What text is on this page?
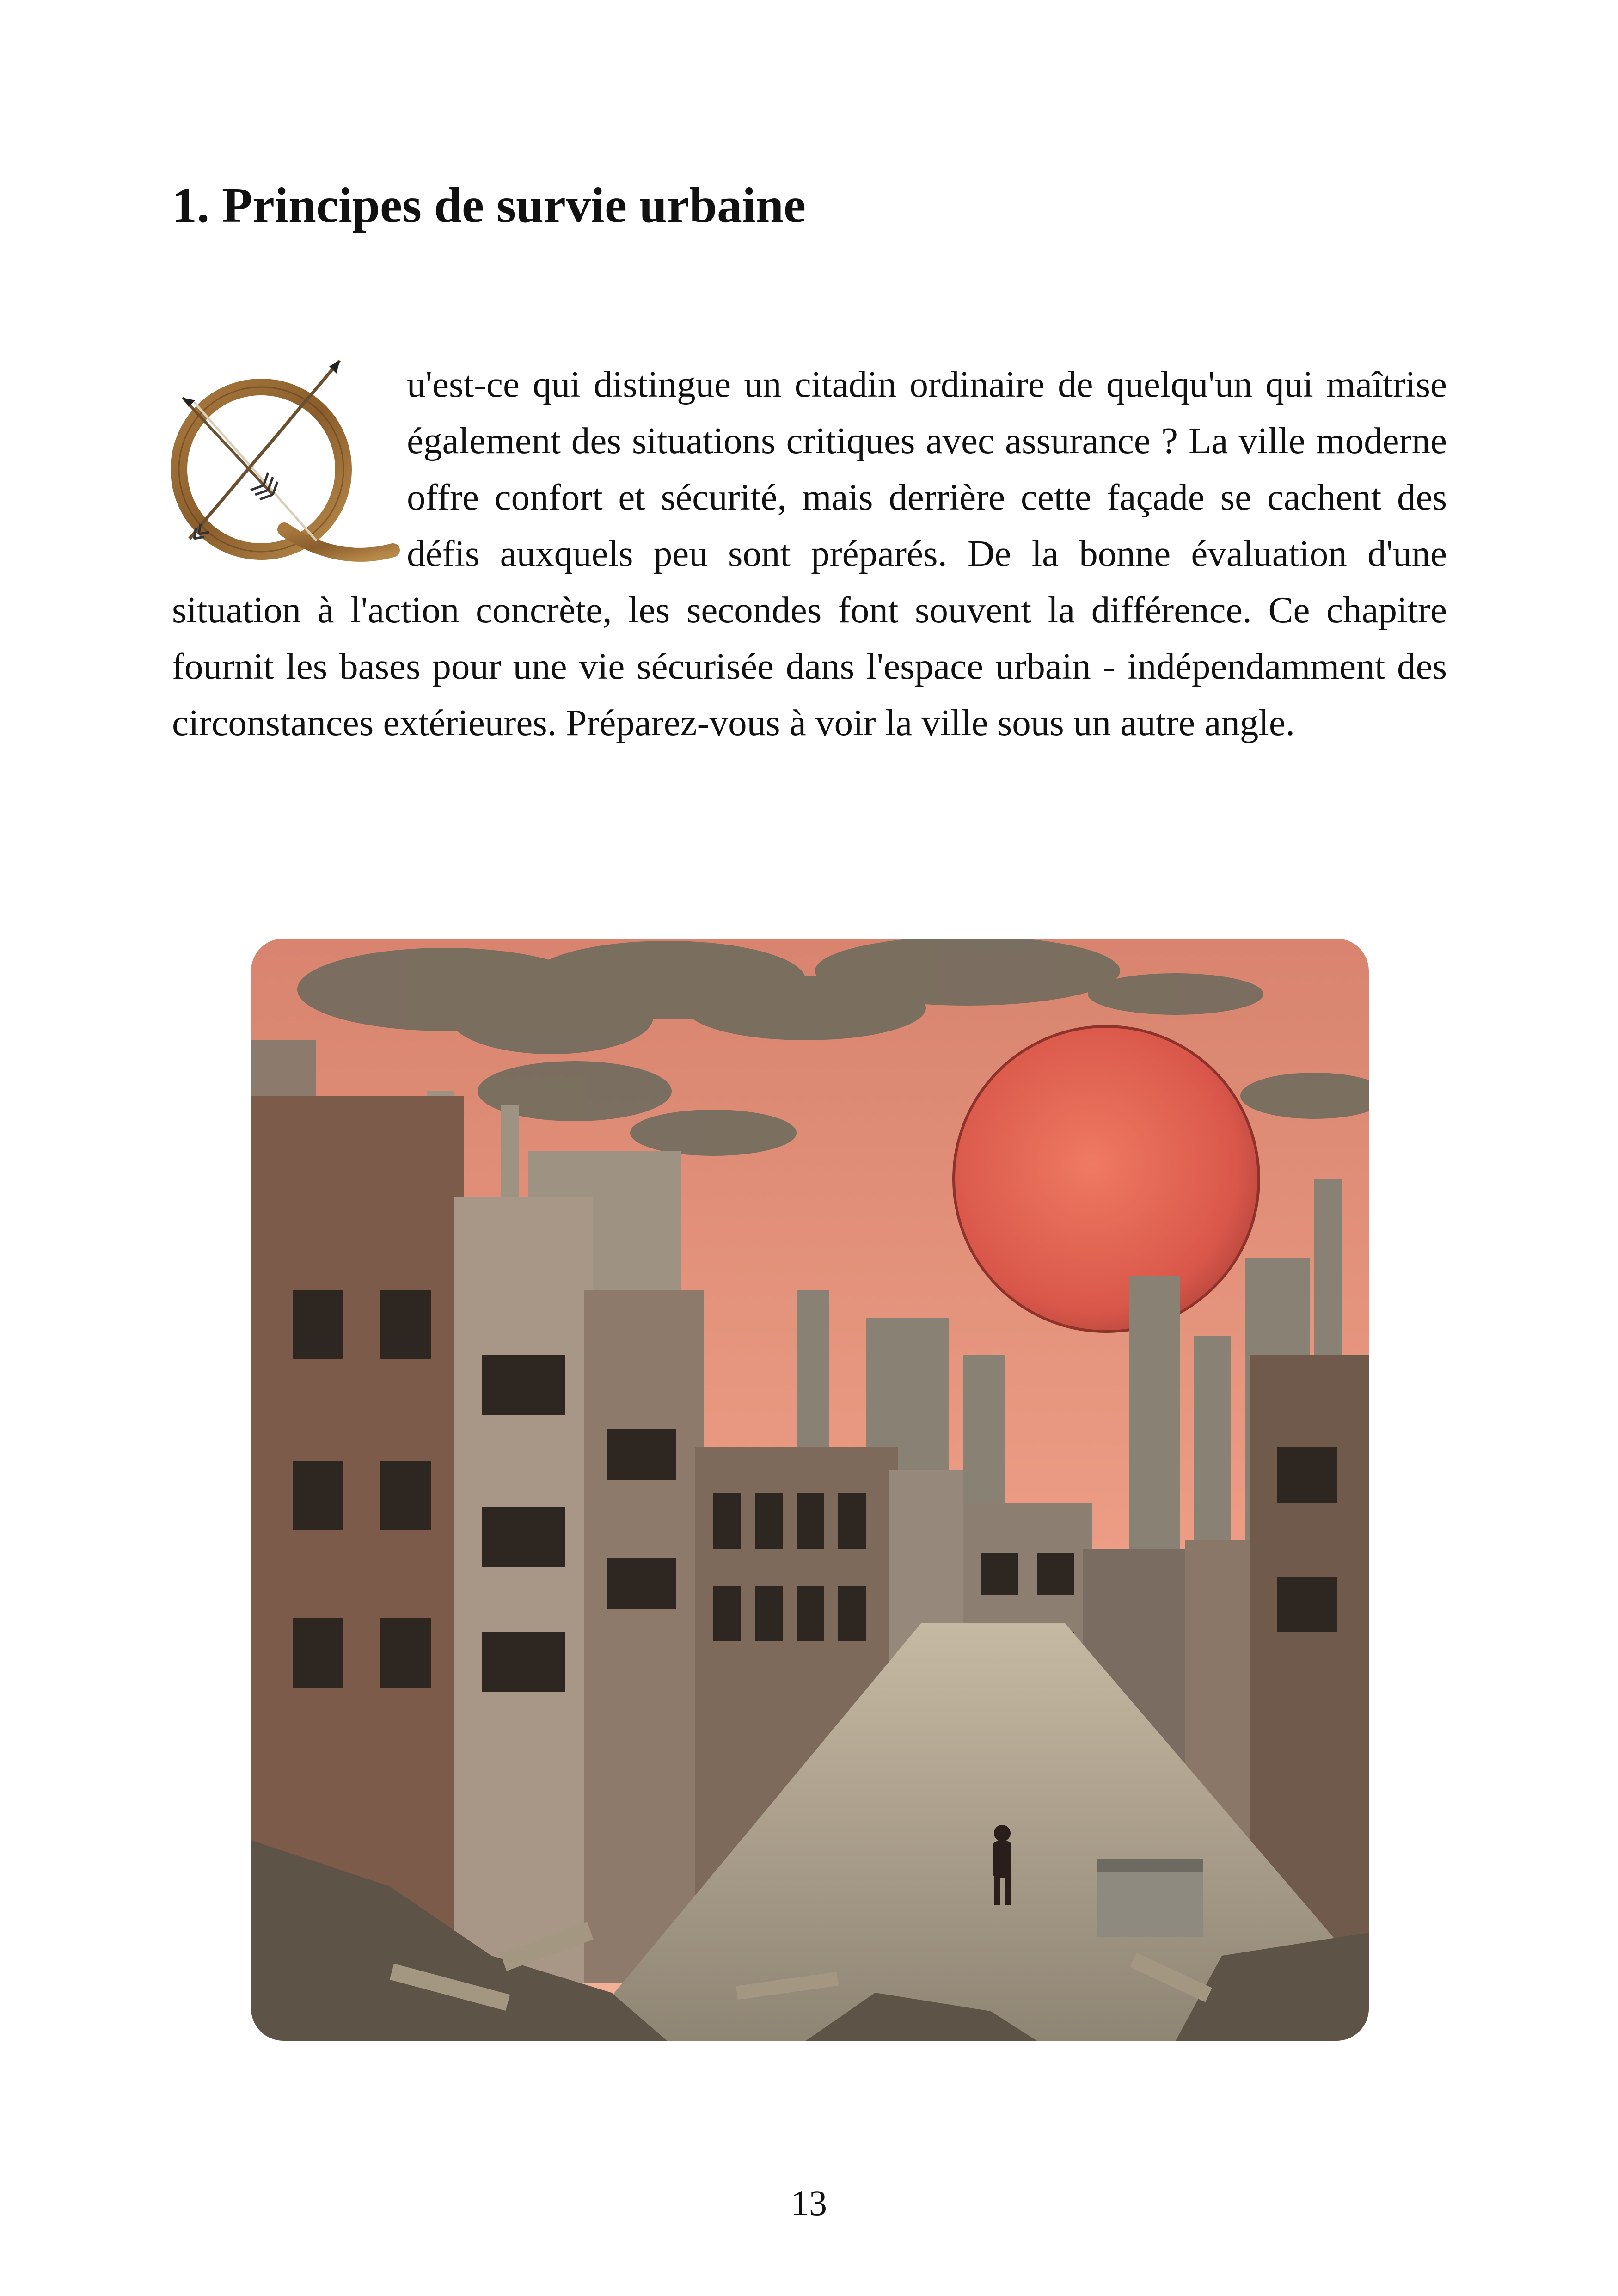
1. Principes de survie urbaine

u'est-ce qui distingue un citadin ordinaire de quelqu'un qui maîtrise également des situations critiques avec assurance ? La ville moderne offre confort et sécurité, mais derrière cette façade se cachent des défis auxquels peu sont préparés. De la bonne évaluation d'une situation à l'action concrète, les secondes font souvent la différence. Ce chapitre fournit les bases pour une vie sécurisée dans l'espace urbain - indépendamment des circonstances extérieures. Préparez-vous à voir la ville sous un autre angle.

13
